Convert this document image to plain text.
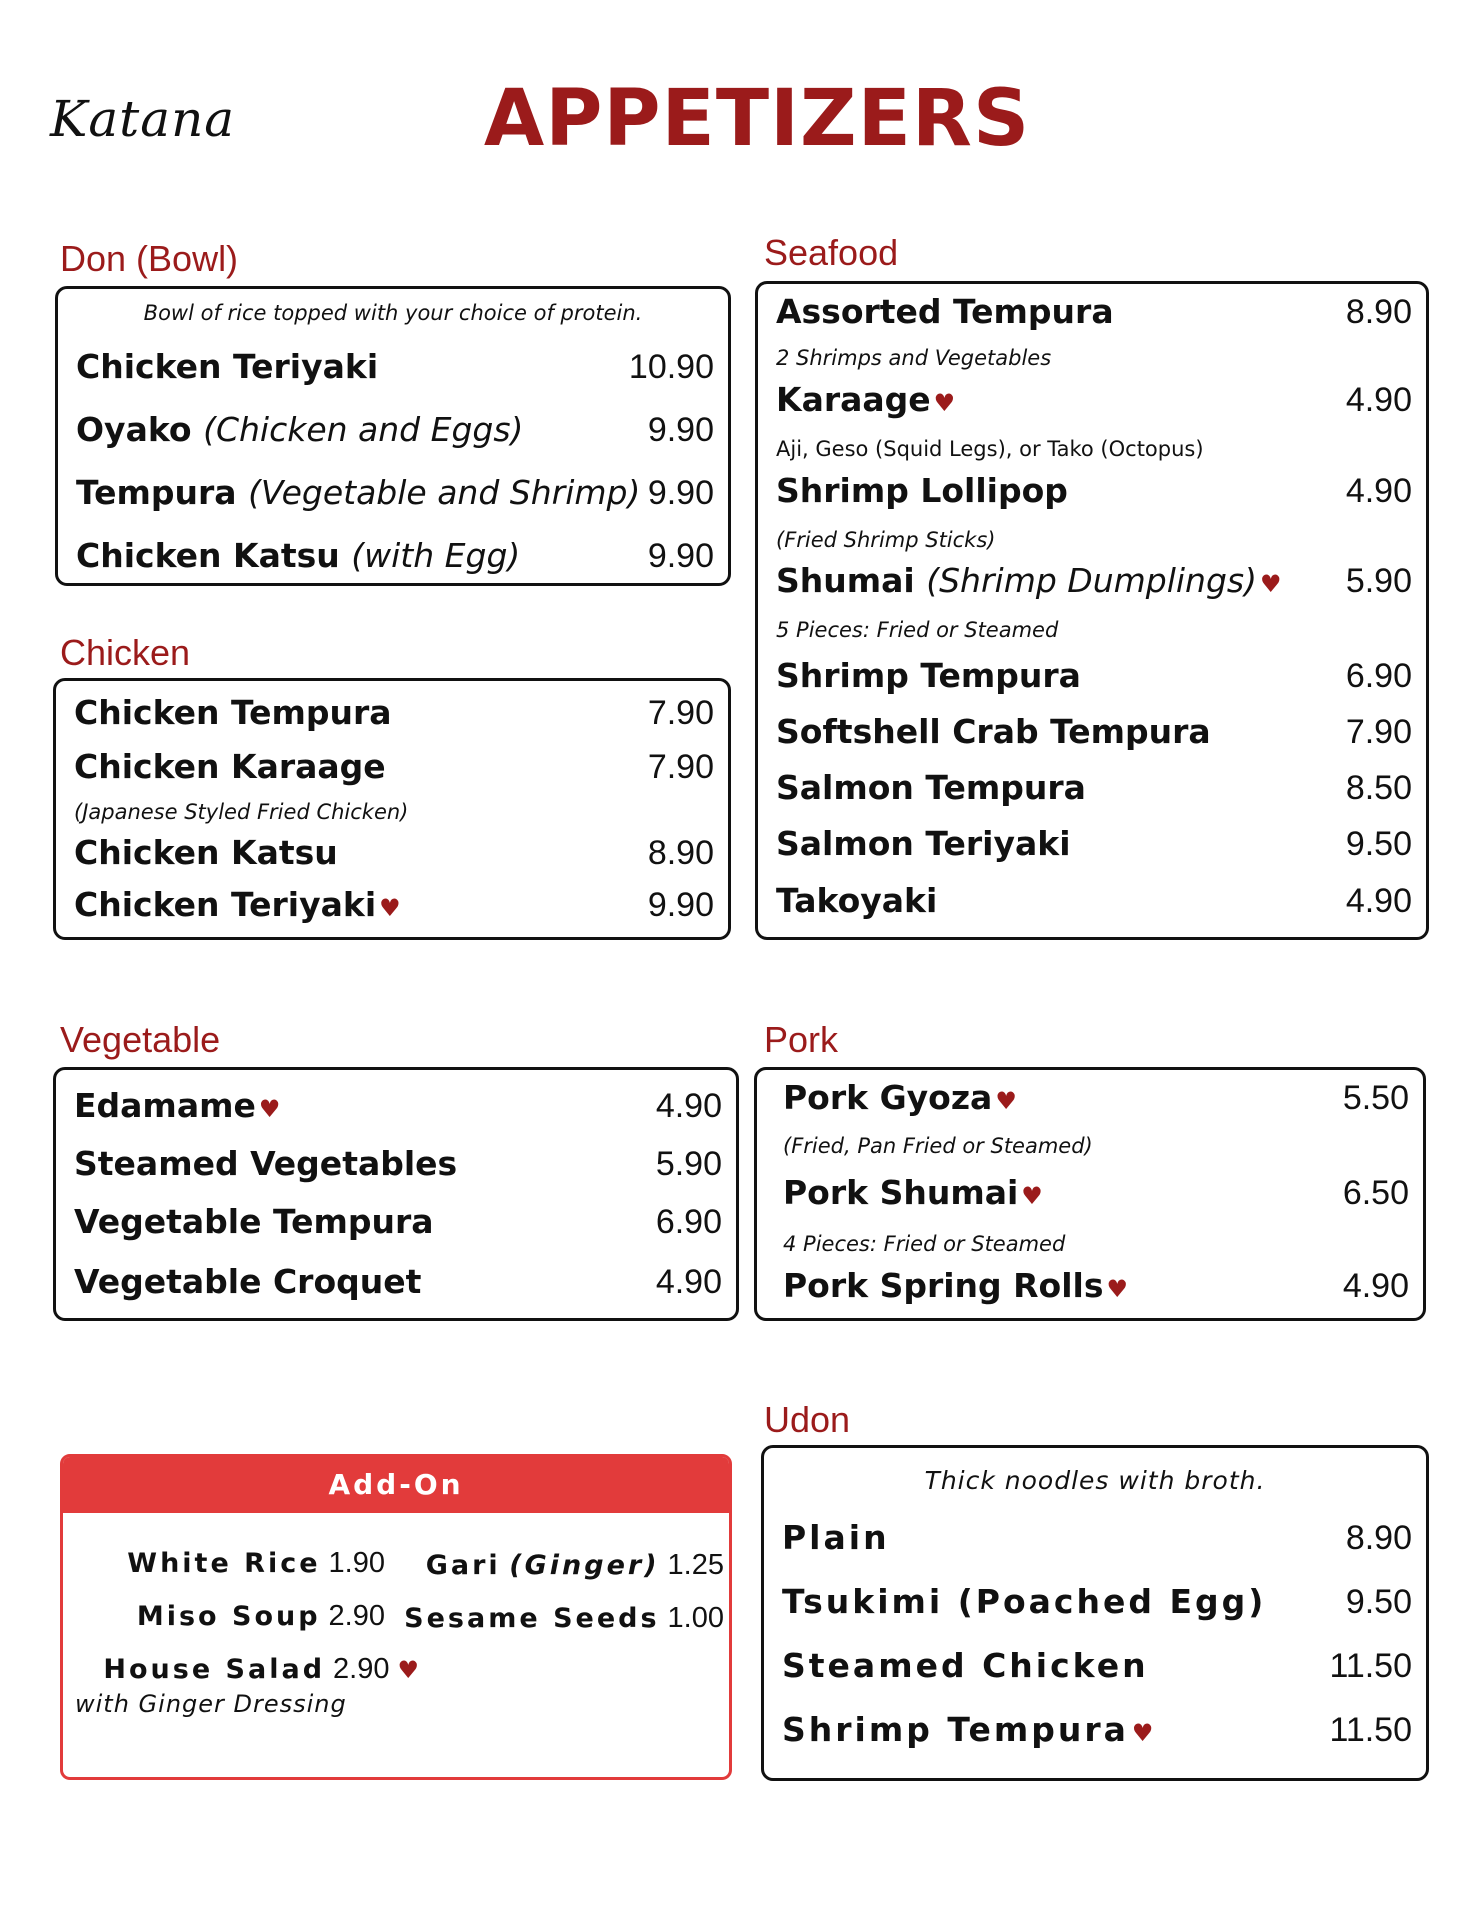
Katana	APPETIZERS
Don (Bowl)
Bowl of rice topped with your choice of protein.
Chicken Teriyaki	10.90
Oyako (Chicken and Eggs)	9.90
Tempura (Vegetable and Shrimp) 9.90
Chicken Katsu (with Egg)	9.90
Chicken
Chicken Tempura	7.90
Chicken Karaage	7.90
(Japanese Styled Fried Chicken)
Chicken Katsu	8.90
Chicken Teriyaki ♥	9.90
Seafood
Assorted Tempura	8.90
2 Shrimps and Vegetables
Karaage ♥	4.90
Aji, Geso (Squid Legs), or Tako (Octopus)
Shrimp Lollipop	4.90
(Fried Shrimp Sticks)
Shumai (Shrimp Dumplings) ♥ 5.90
5 Pieces: Fried or Steamed
Shrimp Tempura	6.90
Softshell Crab Tempura	7.90
Salmon Tempura	8.50
Salmon Teriyaki	9.50
Takoyaki	4.90
Vegetable
Edamame ♥	4.90
Steamed Vegetables	5.90
Vegetable Tempura	6.90
Vegetable Croquet	4.90
Pork
Pork Gyoza ♥	5.50
(Fried, Pan Fried or Steamed)
Pork Shumai ♥	6.50
4 Pieces: Fried or Steamed
Pork Spring Rolls ♥	4.90
Add-On
White Rice 1.90
Miso Soup 2.90
House Salad 2.90 ♥
with Ginger Dressing
Gari (Ginger) 1.25
Sesame Seeds 1.00
Udon
Thick noodles with broth.
Plain	8.90
Tsukimi (Poached Egg) 9.50
Steamed Chicken	11.50
Shrimp Tempura ♥	11.50
